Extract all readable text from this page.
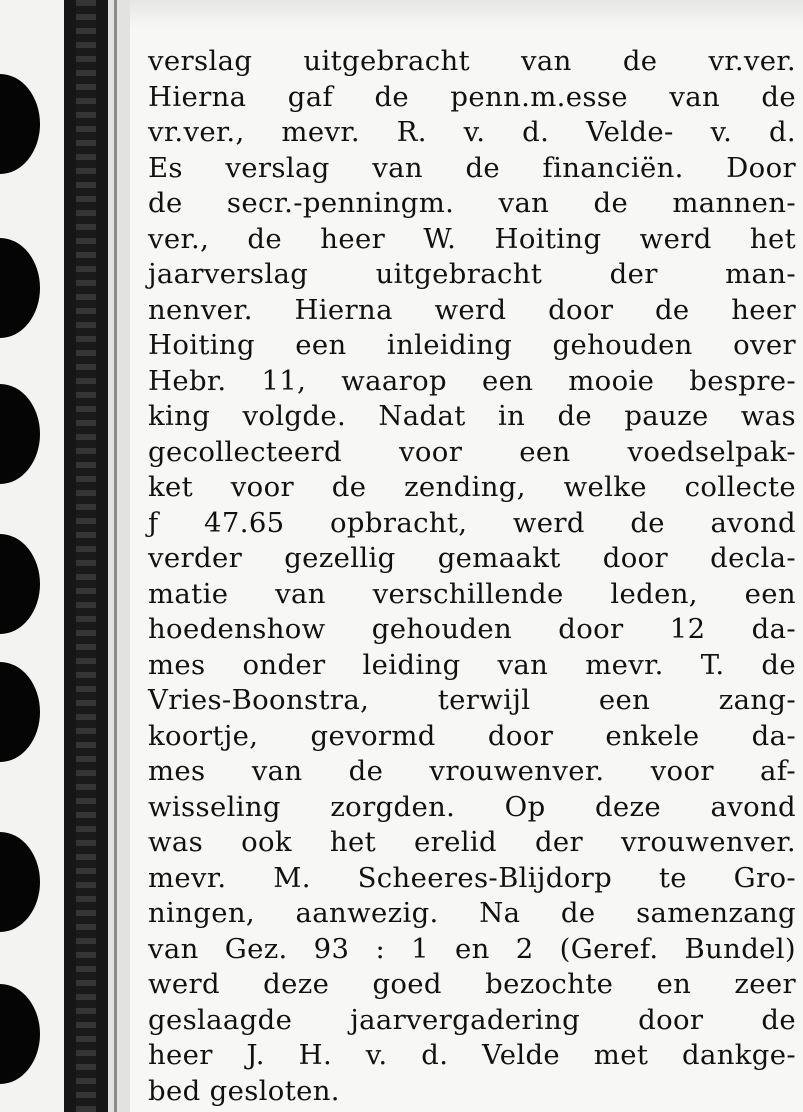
verslag uitgebracht van de vr.ver.
Hierna gaf de penn.m.esse van de
vr.ver., mevr. R. v. d. Velde- v. d.
Es verslag van de financiën. Door
de secr.-penningm. van de mannen-
ver., de heer W. Hoiting werd het
jaarverslag uitgebracht der man-
nenver. Hierna werd door de heer
Hoiting een inleiding gehouden over
Hebr. 11, waarop een mooie bespre-
king volgde. Nadat in de pauze was
gecollecteerd voor een voedselpak-
ket voor de zending, welke collecte
ƒ 47.65 opbracht, werd de avond
verder gezellig gemaakt door decla-
matie van verschillende leden, een
hoedenshow gehouden door 12 da-
mes onder leiding van mevr. T. de
Vries-Boonstra, terwijl een zang-
koortje, gevormd door enkele da-
mes van de vrouwenver. voor af-
wisseling zorgden. Op deze avond
was ook het erelid der vrouwenver.
mevr. M. Scheeres-Blijdorp te Gro-
ningen, aanwezig. Na de samenzang
van Gez. 93 : 1 en 2 (Geref. Bundel)
werd deze goed bezochte en zeer
geslaagde jaarvergadering door de
heer J. H. v. d. Velde met dankge-
bed gesloten.
